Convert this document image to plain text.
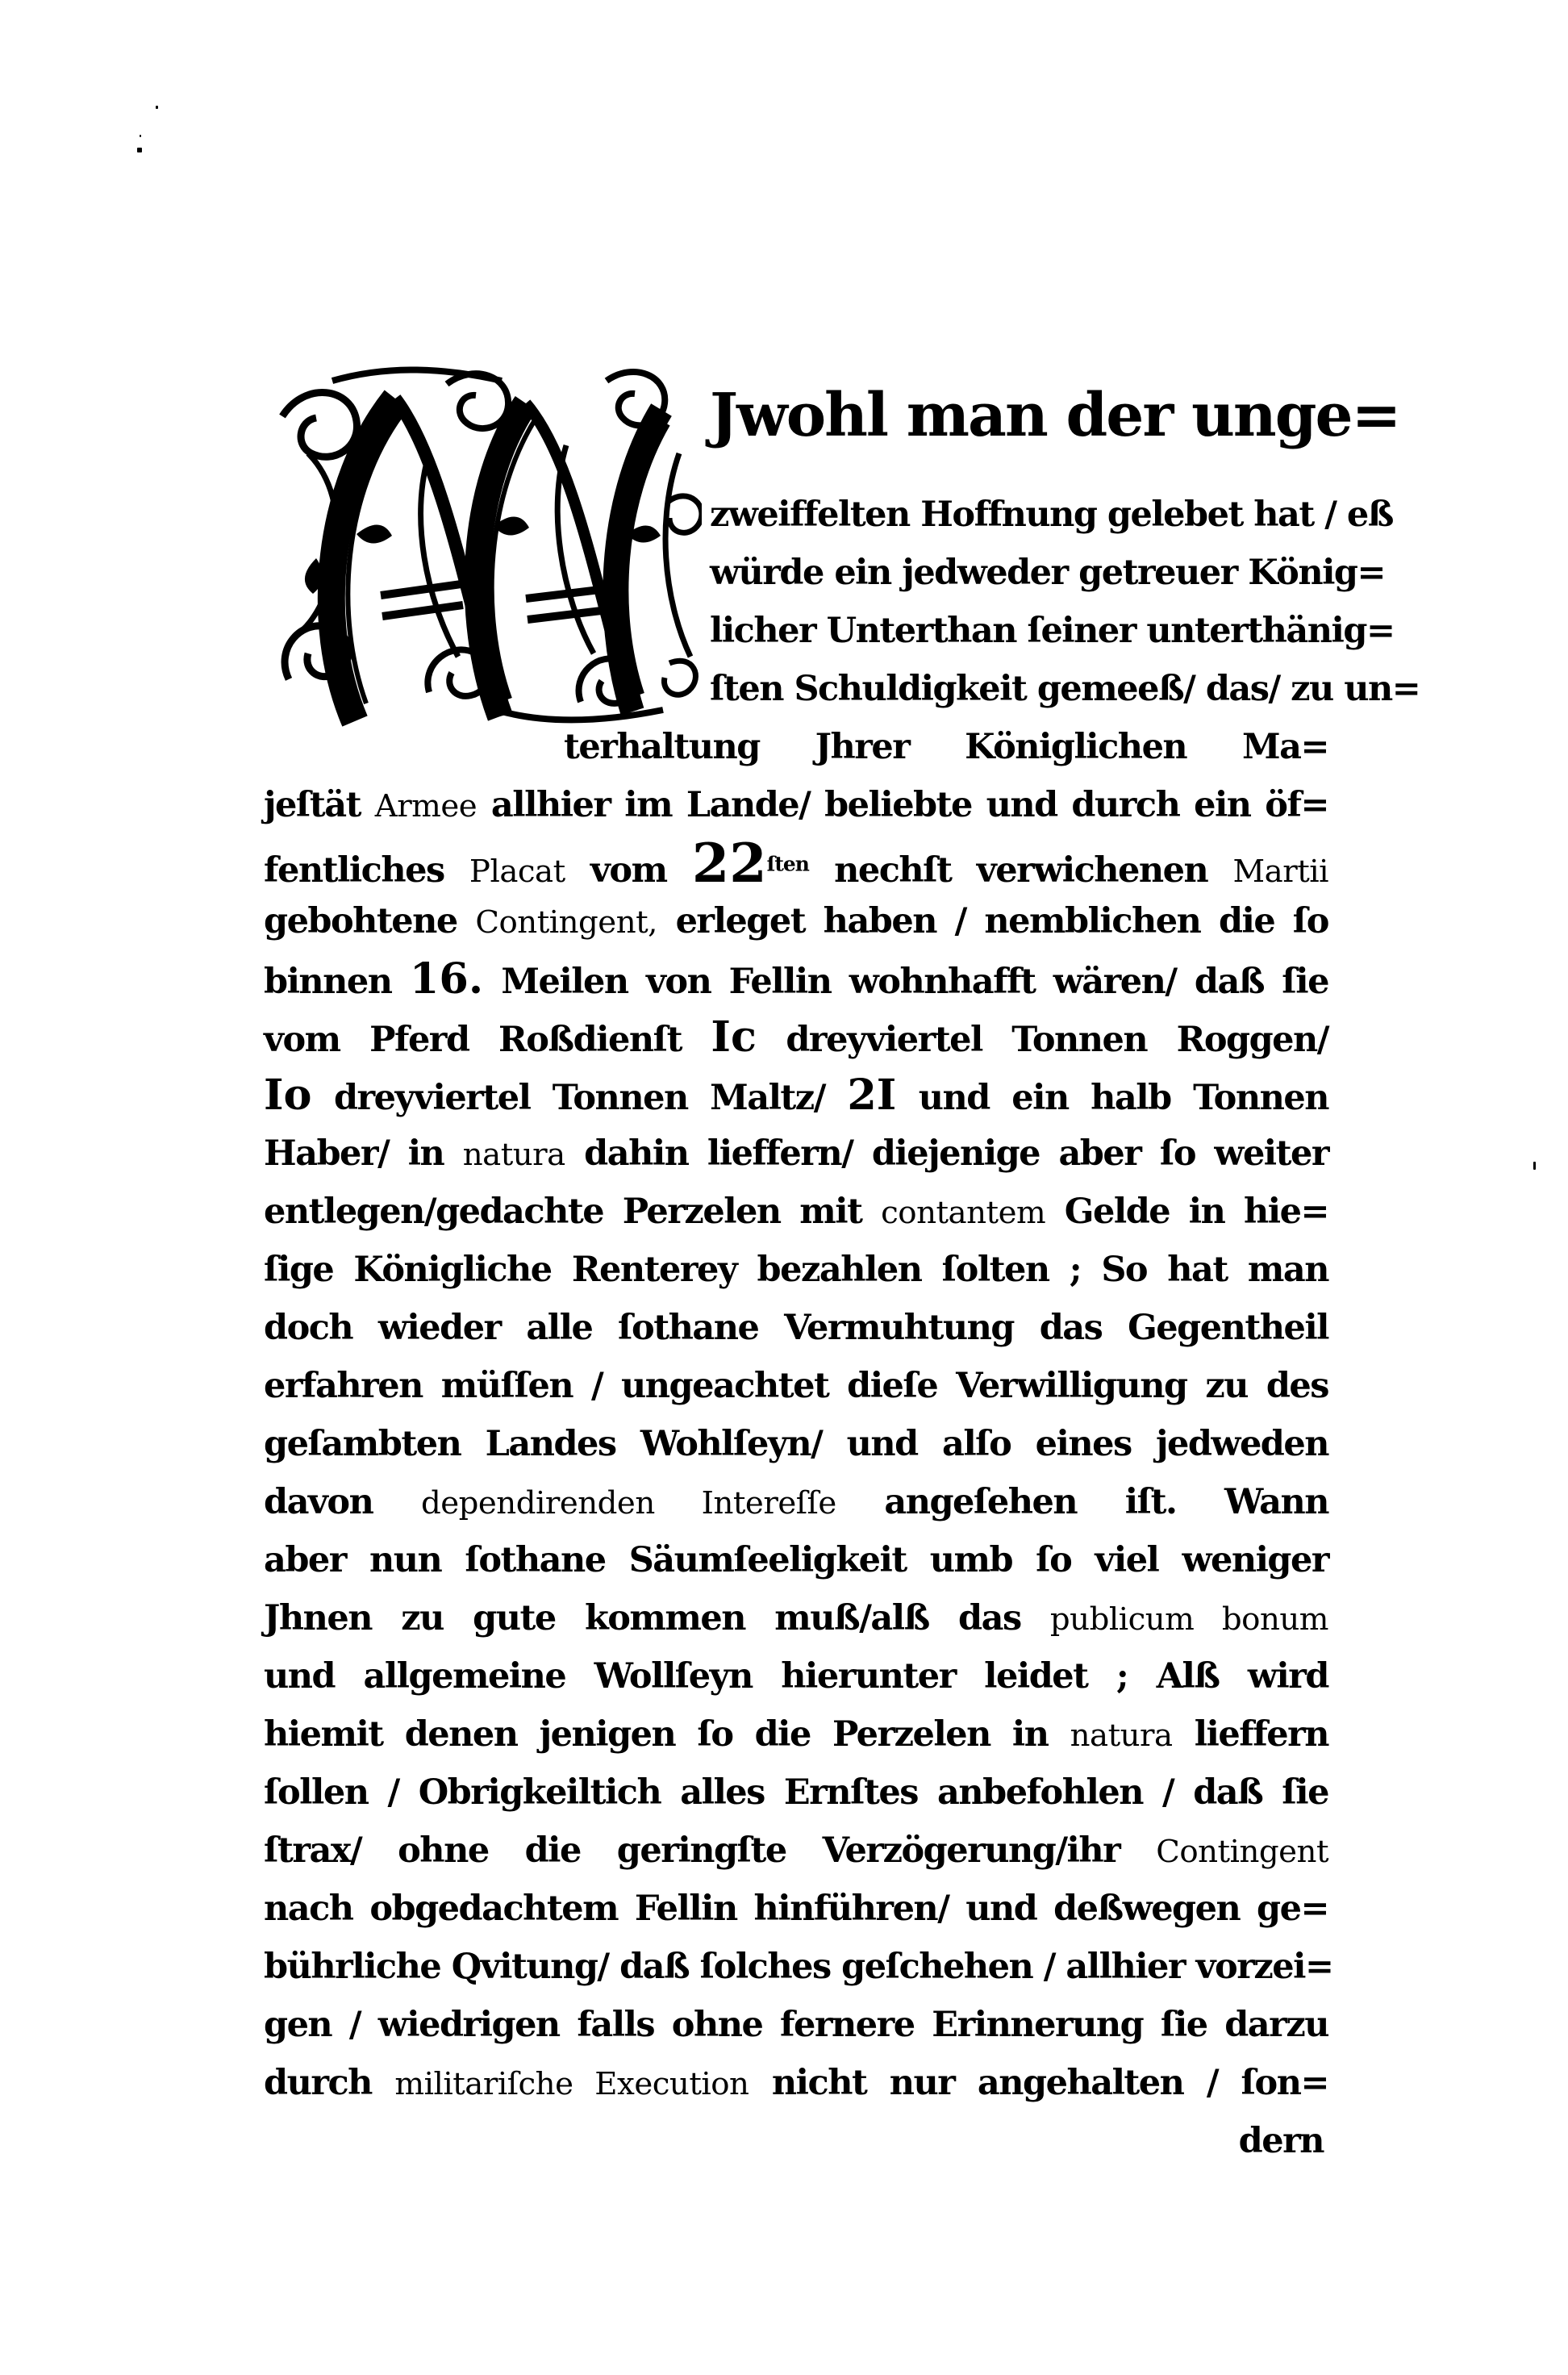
Jwohl man der unge=
zweiffelten Hoffnung gelebet hat / eß
würde ein jedweder getreuer König=
licher Unterthan ſeiner unterthänig=
ſten Schuldigkeit gemeeß/ das/ zu un=
terhaltung Jhrer Königlichen Ma=
jeſtät Armee allhier im Lande/ beliebte und durch ein öf=
fentliches Placat vom $22^{ſten}$ nechſt verwichenen Martii
gebohtene Contingent, erleget haben / nemblichen die ſo
binnen 16. Meilen von Fellin wohnhafft wären/ daß ſie
vom Pferd Roßdienſt Ic dreyviertel Tonnen Roggen/
Io dreyviertel Tonnen Maltz/ 2I und ein halb Tonnen
Haber/ in natura dahin lieffern/ diejenige aber ſo weiter
entlegen/gedachte Perzelen mit contantem Gelde in hie=
ſige Königliche Renterey bezahlen ſolten ; So hat man
doch wieder alle ſothane Vermuhtung das Gegentheil
erfahren müſſen / ungeachtet dieſe Verwilligung zu des
geſambten Landes Wohlſeyn/ und alſo eines jedweden
davon dependirenden Intereſſe angeſehen iſt. Wann
aber nun ſothane Säumſeeligkeit umb ſo viel weniger
Jhnen zu gute kommen muß/alß das publicum bonum
und allgemeine Wollſeyn hierunter leidet ; Alß wird
hiemit denen jenigen ſo die Perzelen in natura lieffern
ſollen / Obrigkeiltich alles Ernſtes anbefohlen / daß ſie
ſtrax/ ohne die geringſte Verzögerung/ihr Contingent
nach obgedachtem Fellin hinführen/ und deßwegen ge=
bührliche Qvitung/ daß ſolches geſchehen / allhier vorzei=
gen / wiedrigen falls ohne fernere Erinnerung ſie darzu
durch militariſche Execution nicht nur angehalten / ſon=
dern
